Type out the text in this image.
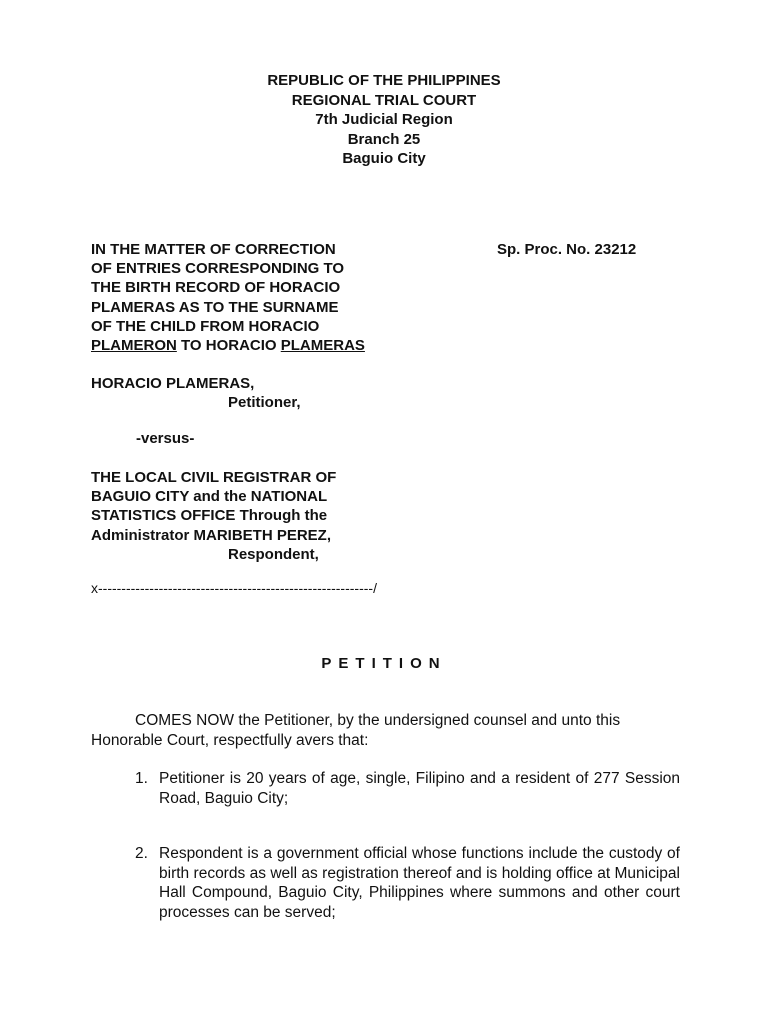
REPUBLIC OF THE PHILIPPINES
REGIONAL TRIAL COURT
7th Judicial Region
Branch 25
Baguio City
IN THE MATTER OF CORRECTION
OF ENTRIES CORRESPONDING TO
THE BIRTH RECORD OF HORACIO
PLAMERAS AS TO THE SURNAME
OF THE CHILD FROM HORACIO
PLAMERON TO HORACIO PLAMERAS
Sp. Proc. No. 23212
HORACIO PLAMERAS,
Petitioner,
-versus-
THE LOCAL CIVIL REGISTRAR OF
BAGUIO CITY and the NATIONAL
STATISTICS OFFICE Through the
Administrator MARIBETH PEREZ,
Respondent,
x-----------------------------------------------------------/
PETITION
COMES NOW the Petitioner, by the undersigned counsel and unto this Honorable Court, respectfully avers that:
1. Petitioner is 20 years of age, single, Filipino and a resident of 277 Session Road, Baguio City;
2. Respondent is a government official whose functions include the custody of birth records as well as registration thereof and is holding office at Municipal Hall Compound, Baguio City, Philippines where summons and other court processes can be served;
